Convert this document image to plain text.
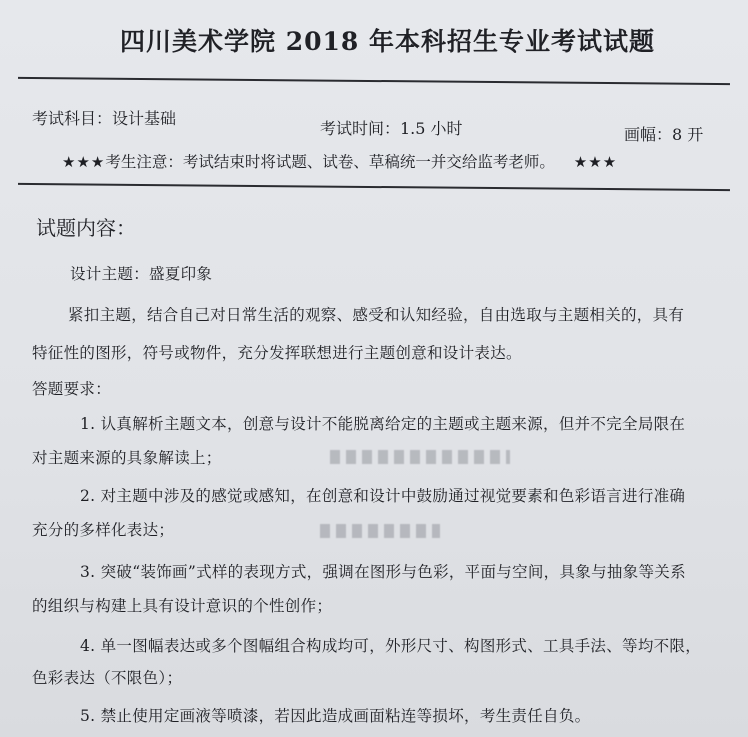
四川美术学院 2018 年本科招生专业考试试题
考试科目：设计基础
考试时间：1.5 小时	画幅：8 开
★★★考生注意：考试结束时将试题、试卷、草稿统一并交给监考老师。 ★★★
试题内容：
设计主题：盛夏印象
紧扣主题，结合自己对日常生活的观察、感受和认知经验，自由选取与主题相关的，具有
特征性的图形，符号或物件，充分发挥联想进行主题创意和设计表达。
答题要求：
1. 认真解析主题文本，创意与设计不能脱离给定的主题或主题来源，但并不完全局限在
对主题来源的具象解读上；
2. 对主题中涉及的感觉或感知，在创意和设计中鼓励通过视觉要素和色彩语言进行准确
充分的多样化表达；
3. 突破“装饰画”式样的表现方式，强调在图形与色彩，平面与空间，具象与抽象等关系
的组织与构建上具有设计意识的个性创作；
4. 单一图幅表达或多个图幅组合构成均可，外形尺寸、构图形式、工具手法、等均不限，
色彩表达（不限色）；
5. 禁止使用定画液等喷漆，若因此造成画面粘连等损坏，考生责任自负。
